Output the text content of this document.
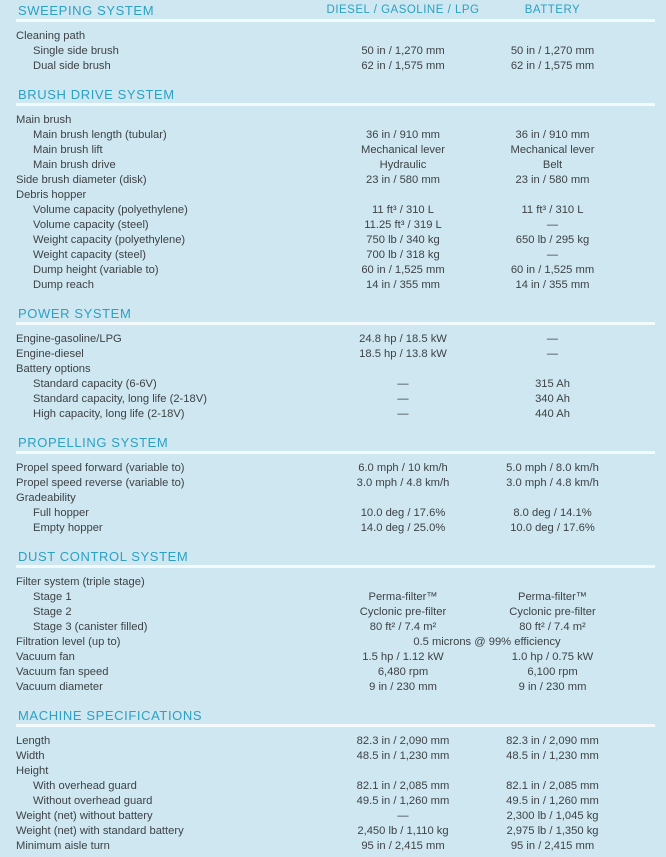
SWEEPING SYSTEM	DIESEL / GASOLINE / LPG	BATTERY
Cleaning path
Single side brush	50 in / 1,270 mm	50 in / 1,270 mm
Dual side brush	62 in / 1,575 mm	62 in / 1,575 mm
BRUSH DRIVE SYSTEM
Main brush
Main brush length (tubular)	36 in / 910 mm	36 in / 910 mm
Main brush lift	Mechanical lever	Mechanical lever
Main brush drive	Hydraulic	Belt
Side brush diameter (disk)	23 in / 580 mm	23 in / 580 mm
Debris hopper
Volume capacity (polyethylene)	11 ft³ / 310 L	11 ft³ / 310 L
Volume capacity (steel)	11.25 ft³ / 319 L	—
Weight capacity (polyethylene)	750 lb / 340 kg	650 lb / 295 kg
Weight capacity (steel)	700 lb / 318 kg	—
Dump height (variable to)	60 in / 1,525 mm	60 in / 1,525 mm
Dump reach	14 in / 355 mm	14 in / 355 mm
POWER SYSTEM
Engine-gasoline/LPG	24.8 hp / 18.5 kW	—
Engine-diesel	18.5 hp / 13.8 kW	—
Battery options
Standard capacity (6-6V)	—	315 Ah
Standard capacity, long life (2-18V)	—	340 Ah
High capacity, long life (2-18V)	—	440 Ah
PROPELLING SYSTEM
Propel speed forward (variable to)	6.0 mph / 10 km/h	5.0 mph / 8.0 km/h
Propel speed reverse (variable to)	3.0 mph / 4.8 km/h	3.0 mph / 4.8 km/h
Gradeability
Full hopper	10.0 deg / 17.6%	8.0 deg / 14.1%
Empty hopper	14.0 deg / 25.0%	10.0 deg / 17.6%
DUST CONTROL SYSTEM
Filter system (triple stage)
Stage 1	Perma-filter™	Perma-filter™
Stage 2	Cyclonic pre-filter	Cyclonic pre-filter
Stage 3 (canister filled)	80 ft² / 7.4 m²	80 ft² / 7.4 m²
Filtration level (up to)	0.5 microns @ 99% efficiency
Vacuum fan	1.5 hp / 1.12 kW	1.0 hp / 0.75 kW
Vacuum fan speed	6,480 rpm	6,100 rpm
Vacuum diameter	9 in / 230 mm	9 in / 230 mm
MACHINE SPECIFICATIONS
Length	82.3 in / 2,090 mm	82.3 in / 2,090 mm
Width	48.5 in / 1,230 mm	48.5 in / 1,230 mm
Height
With overhead guard	82.1 in / 2,085 mm	82.1 in / 2,085 mm
Without overhead guard	49.5 in / 1,260 mm	49.5 in / 1,260 mm
Weight (net) without battery	—	2,300 lb / 1,045 kg
Weight (net) with standard battery	2,450 lb / 1,110 kg	2,975 lb / 1,350 kg
Minimum aisle turn	95 in / 2,415 mm	95 in / 2,415 mm
